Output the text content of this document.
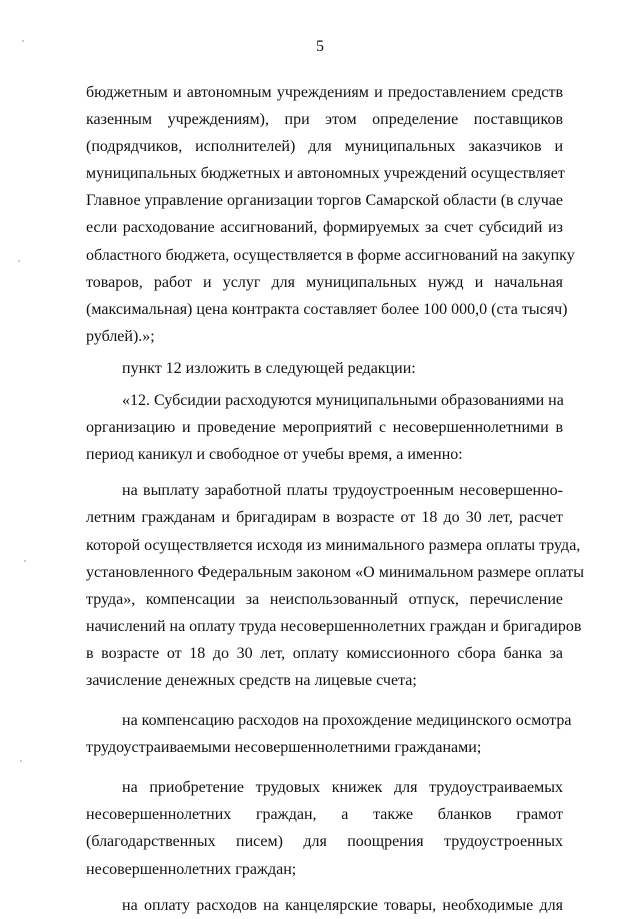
5
бюджетным и автономным учреждениям и предоставлением средств
казенным учреждениям), при этом определение поставщиков
(подрядчиков, исполнителей) для муниципальных заказчиков и
муниципальных бюджетных и автономных учреждений осуществляет
Главное управление организации торгов Самарской области (в случае
если расходование ассигнований, формируемых за счет субсидий из
областного бюджета, осуществляется в форме ассигнований на закупку
товаров, работ и услуг для муниципальных нужд и начальная
(максимальная) цена контракта составляет более 100 000,0 (ста тысяч)
рублей).»;
пункт 12 изложить в следующей редакции:
«12. Субсидии расходуются муниципальными образованиями на
организацию и проведение мероприятий с несовершеннолетними в
период каникул и свободное от учебы время, а именно:
на выплату заработной платы трудоустроенным несовершенно-
летним гражданам и бригадирам в возрасте от 18 до 30 лет, расчет
которой осуществляется исходя из минимального размера оплаты труда,
установленного Федеральным законом «О минимальном размере оплаты
труда», компенсации за неиспользованный отпуск, перечисление
начислений на оплату труда несовершеннолетних граждан и бригадиров
в возрасте от 18 до 30 лет, оплату комиссионного сбора банка за
зачисление денежных средств на лицевые счета;
на компенсацию расходов на прохождение медицинского осмотра
трудоустраиваемыми несовершеннолетними гражданами;
на приобретение трудовых книжек для трудоустраиваемых
несовершеннолетних граждан, а также бланков грамот
(благодарственных писем) для поощрения трудоустроенных
несовершеннолетних граждан;
на оплату расходов на канцелярские товары, необходимые для
